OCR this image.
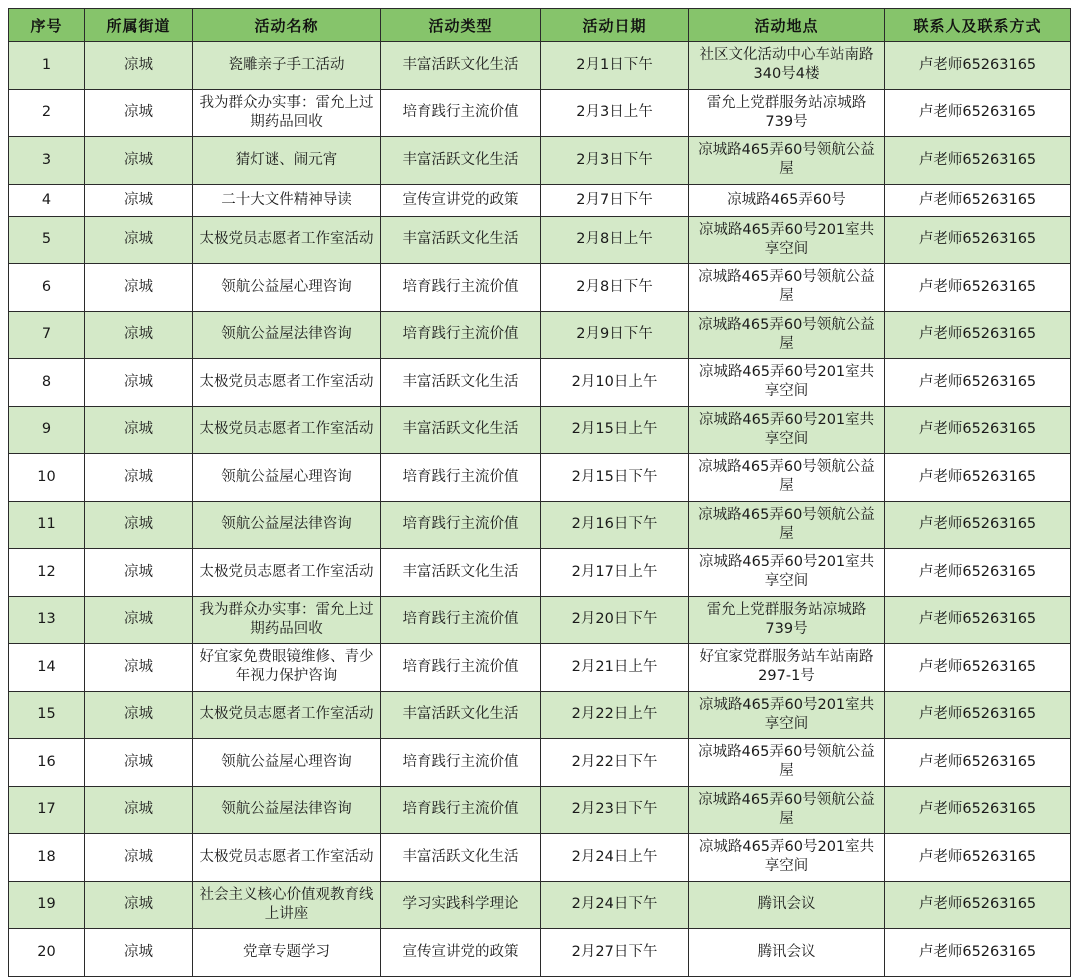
序号	所属街道	活动名称	活动类型	活动日期	活动地点	联系人及联系方式
1	凉城	瓷雕亲子手工活动	丰富活跃文化生活	2月1日下午	社区文化活动中心车站南路340号4楼	卢老师65263165
2	凉城	我为群众办实事：雷允上过期药品回收	培育践行主流价值	2月3日上午	雷允上党群服务站凉城路739号	卢老师65263165
3	凉城	猜灯谜、闹元宵	丰富活跃文化生活	2月3日下午	凉城路465弄60号领航公益屋	卢老师65263165
4	凉城	二十大文件精神导读	宣传宣讲党的政策	2月7日下午	凉城路465弄60号	卢老师65263165
5	凉城	太极党员志愿者工作室活动	丰富活跃文化生活	2月8日上午	凉城路465弄60号201室共享空间	卢老师65263165
6	凉城	领航公益屋心理咨询	培育践行主流价值	2月8日下午	凉城路465弄60号领航公益屋	卢老师65263165
7	凉城	领航公益屋法律咨询	培育践行主流价值	2月9日下午	凉城路465弄60号领航公益屋	卢老师65263165
8	凉城	太极党员志愿者工作室活动	丰富活跃文化生活	2月10日上午	凉城路465弄60号201室共享空间	卢老师65263165
9	凉城	太极党员志愿者工作室活动	丰富活跃文化生活	2月15日上午	凉城路465弄60号201室共享空间	卢老师65263165
10	凉城	领航公益屋心理咨询	培育践行主流价值	2月15日下午	凉城路465弄60号领航公益屋	卢老师65263165
11	凉城	领航公益屋法律咨询	培育践行主流价值	2月16日下午	凉城路465弄60号领航公益屋	卢老师65263165
12	凉城	太极党员志愿者工作室活动	丰富活跃文化生活	2月17日上午	凉城路465弄60号201室共享空间	卢老师65263165
13	凉城	我为群众办实事：雷允上过期药品回收	培育践行主流价值	2月20日下午	雷允上党群服务站凉城路739号	卢老师65263165
14	凉城	好宜家免费眼镜维修、青少年视力保护咨询	培育践行主流价值	2月21日上午	好宜家党群服务站车站南路297-1号	卢老师65263165
15	凉城	太极党员志愿者工作室活动	丰富活跃文化生活	2月22日上午	凉城路465弄60号201室共享空间	卢老师65263165
16	凉城	领航公益屋心理咨询	培育践行主流价值	2月22日下午	凉城路465弄60号领航公益屋	卢老师65263165
17	凉城	领航公益屋法律咨询	培育践行主流价值	2月23日下午	凉城路465弄60号领航公益屋	卢老师65263165
18	凉城	太极党员志愿者工作室活动	丰富活跃文化生活	2月24日上午	凉城路465弄60号201室共享空间	卢老师65263165
19	凉城	社会主义核心价值观教育线上讲座	学习实践科学理论	2月24日下午	腾讯会议	卢老师65263165
20	凉城	党章专题学习	宣传宣讲党的政策	2月27日下午	腾讯会议	卢老师65263165
